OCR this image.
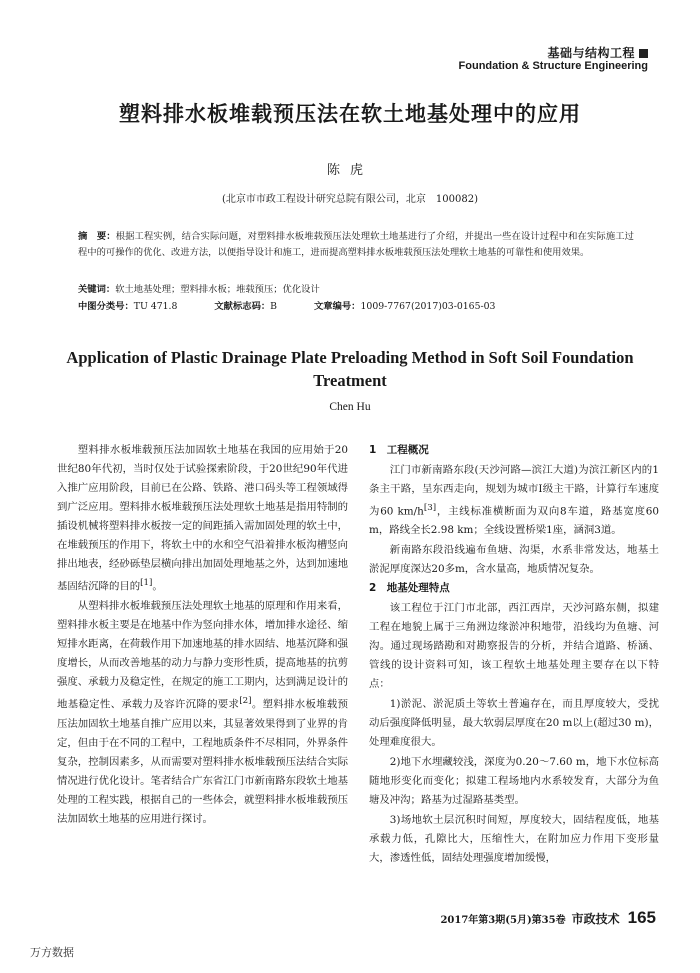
基础与结构工程
Foundation & Structure Engineering
塑料排水板堆载预压法在软土地基处理中的应用
陈虎
(北京市市政工程设计研究总院有限公司，北京　100082)
摘　要：根据工程实例，结合实际问题，对塑料排水板堆载预压法处理软土地基进行了介绍，并提出一些在设计过程中和在实际施工过程中的可操作的优化、改进方法，以便指导设计和施工，进而提高塑料排水板堆载预压法处理软土地基的可靠性和使用效果。
关键词：软土地基处理；塑料排水板；堆载预压；优化设计
中图分类号：TU 471.8	文献标志码：B	文章编号：1009-7767(2017)03-0165-03
Application of Plastic Drainage Plate Preloading Method in Soft Soil Foundation Treatment
Chen Hu

塑料排水板堆载预压法加固软土地基在我国的应用始于20世纪80年代初，当时仅处于试验探索阶段，于20世纪90年代进入推广应用阶段，目前已在公路、铁路、港口码头等工程领域得到广泛应用。塑料排水板堆载预压法处理软土地基是指用特制的插设机械将塑料排水板按一定的间距插入需加固处理的软土中，在堆载预压的作用下，将软土中的水和空气沿着排水板沟槽竖向排出地表，经砂砾垫层横向排出加固处理地基之外，达到加速地基固结沉降的目的[1]。

从塑料排水板堆载预压法处理软土地基的原理和作用来看，塑料排水板主要是在地基中作为竖向排水体，增加排水途径、缩短排水距离，在荷载作用下加速地基的排水固结、地基沉降和强度增长，从而改善地基的动力与静力变形性质，提高地基的抗剪强度、承载力及稳定性，在规定的施工工期内，达到满足设计的地基稳定性、承载力及容许沉降的要求[2]。塑料排水板堆载预压法加固软土地基自推广应用以来，其显著效果得到了业界的肯定，但由于在不同的工程中，工程地质条件不尽相同，外界条件复杂，控制因素多，从而需要对塑料排水板堆载预压法结合实际情况进行优化设计。笔者结合广东省江门市新南路东段软土地基处理的工程实践，根据自己的一些体会，就塑料排水板堆载预压法加固软土地基的应用进行探讨。

1　工程概况

江门市新南路东段(天沙河路—滨江大道)为滨江新区内的1条主干路，呈东西走向，规划为城市Ⅰ级主干路，计算行车速度为60 km/h[3]，主线标准横断面为双向8车道，路基宽度60 m，路线全长2.98 km；全线设置桥梁1座，涵洞3道。

新南路东段沿线遍布鱼塘、沟渠，水系非常发达，地基土淤泥厚度深达20多m，含水量高，地质情况复杂。

2　地基处理特点

该工程位于江门市北部，西江西岸，天沙河路东侧，拟建工程在地貌上属于三角洲边缘淤冲积地带，沿线均为鱼塘、河沟。通过现场踏勘和对勘察报告的分析，并结合道路、桥涵、管线的设计资料可知，该工程软土地基处理主要存在以下特点：

1)淤泥、淤泥质土等软土普遍存在，而且厚度较大，受扰动后强度降低明显，最大软弱层厚度在20 m以上(超过30 m)，处理难度很大。

2)地下水埋藏较浅，深度为0.20～7.60 m，地下水位标高随地形变化而变化；拟建工程场地内水系较发育，大部分为鱼塘及冲沟；路基为过湿路基类型。

3)场地软土层沉积时间短，厚度较大，固结程度低，地基承载力低，孔隙比大，压缩性大，在附加应力作用下变形量大，渗透性低，固结处理强度增加缓慢，

2017年第3期(5月)第35卷 市政技术 165
万方数据
